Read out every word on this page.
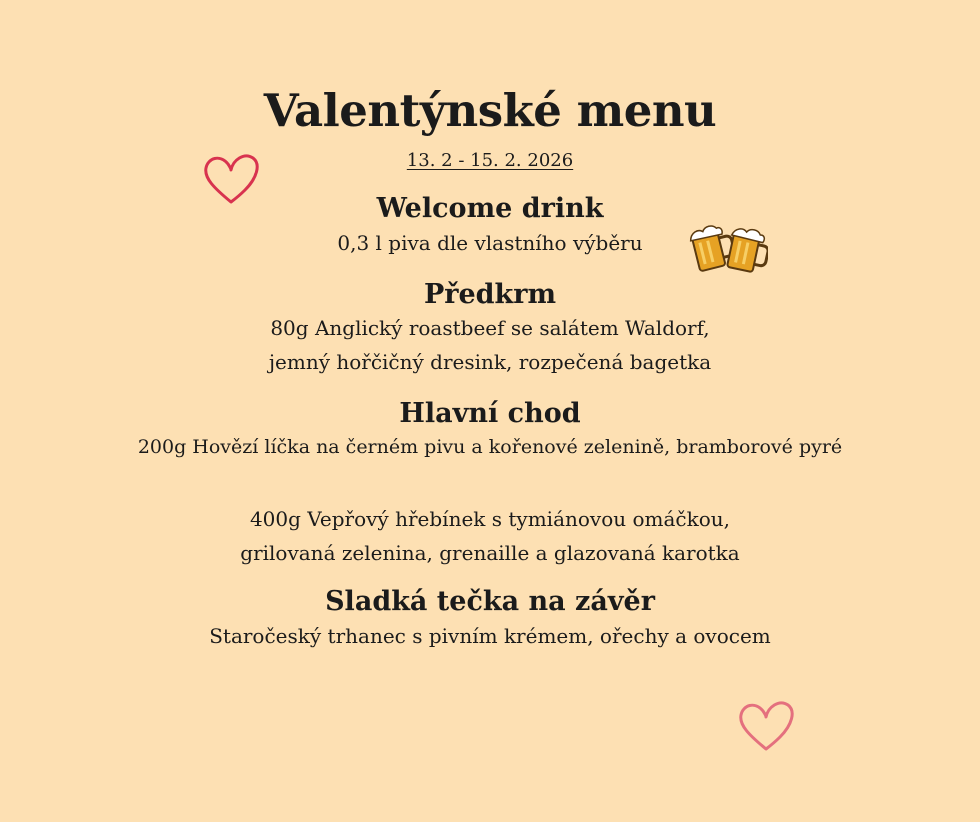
Valentýnské menu
13. 2 - 15. 2. 2026
Welcome drink
0,3 l piva dle vlastního výběru
Předkrm
80g Anglický roastbeef se salátem Waldorf,
jemný hořčičný dresink, rozpečená bagetka
Hlavní chod
200g Hovězí líčka na černém pivu a kořenové zelenině, bramborové pyré
400g Vepřový hřebínek s tymiánovou omáčkou,
grilovaná zelenina, grenaille a glazovaná karotka
Sladká tečka na závěr
Staročeský trhanec s pivním krémem, ořechy a ovocem
